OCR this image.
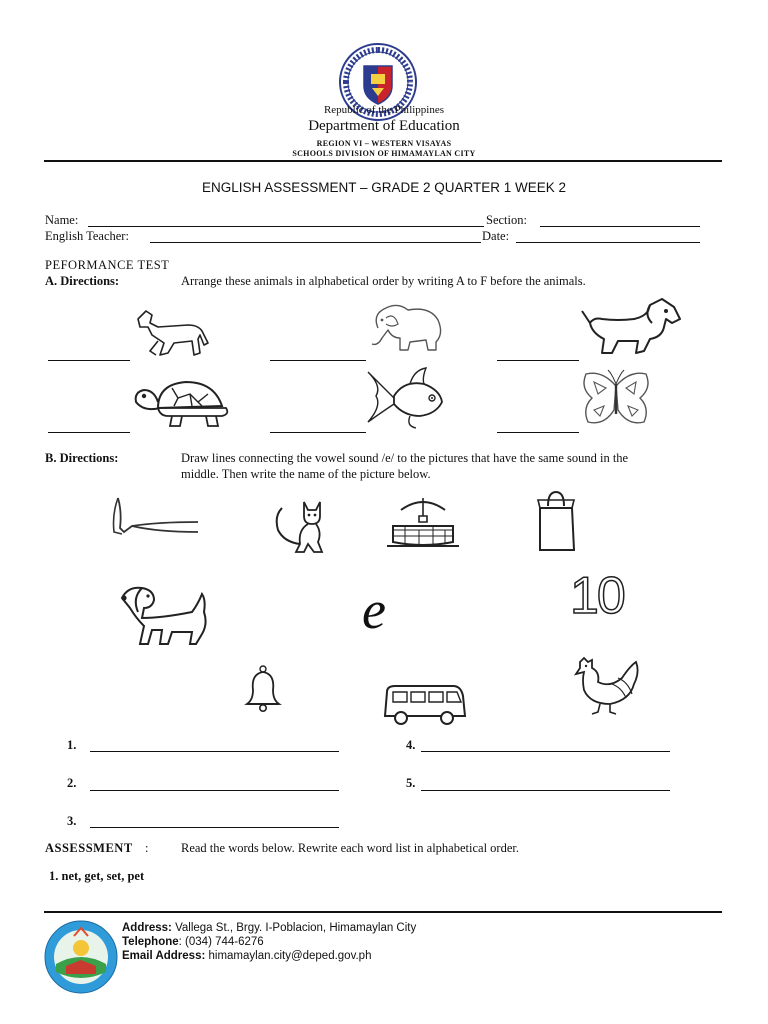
Republic of the Philippines
Department of Education
REGION VI – WESTERN VISAYAS
SCHOOLS DIVISION OF HIMAMAYLAN CITY
ENGLISH ASSESSMENT – GRADE 2 QUARTER 1 WEEK 2
Name:	Section:
English Teacher:	Date:
PEFORMANCE TEST
A. Directions:	Arrange these animals in alphabetical order by writing A to F before the animals.
B. Directions:	Draw lines connecting the vowel sound /e/ to the pictures that have the same sound in the
middle. Then write the name of the picture below.
e	10
1.	4.
2.	5.
3.
ASSESSMENT :	Read the words below. Rewrite each word list in alphabetical order.
1. net, get, set, pet
Address: Vallega St., Brgy. I-Poblacion, Himamaylan City
Telephone: (034) 744-6276
Email Address: himamaylan.city@deped.gov.ph
